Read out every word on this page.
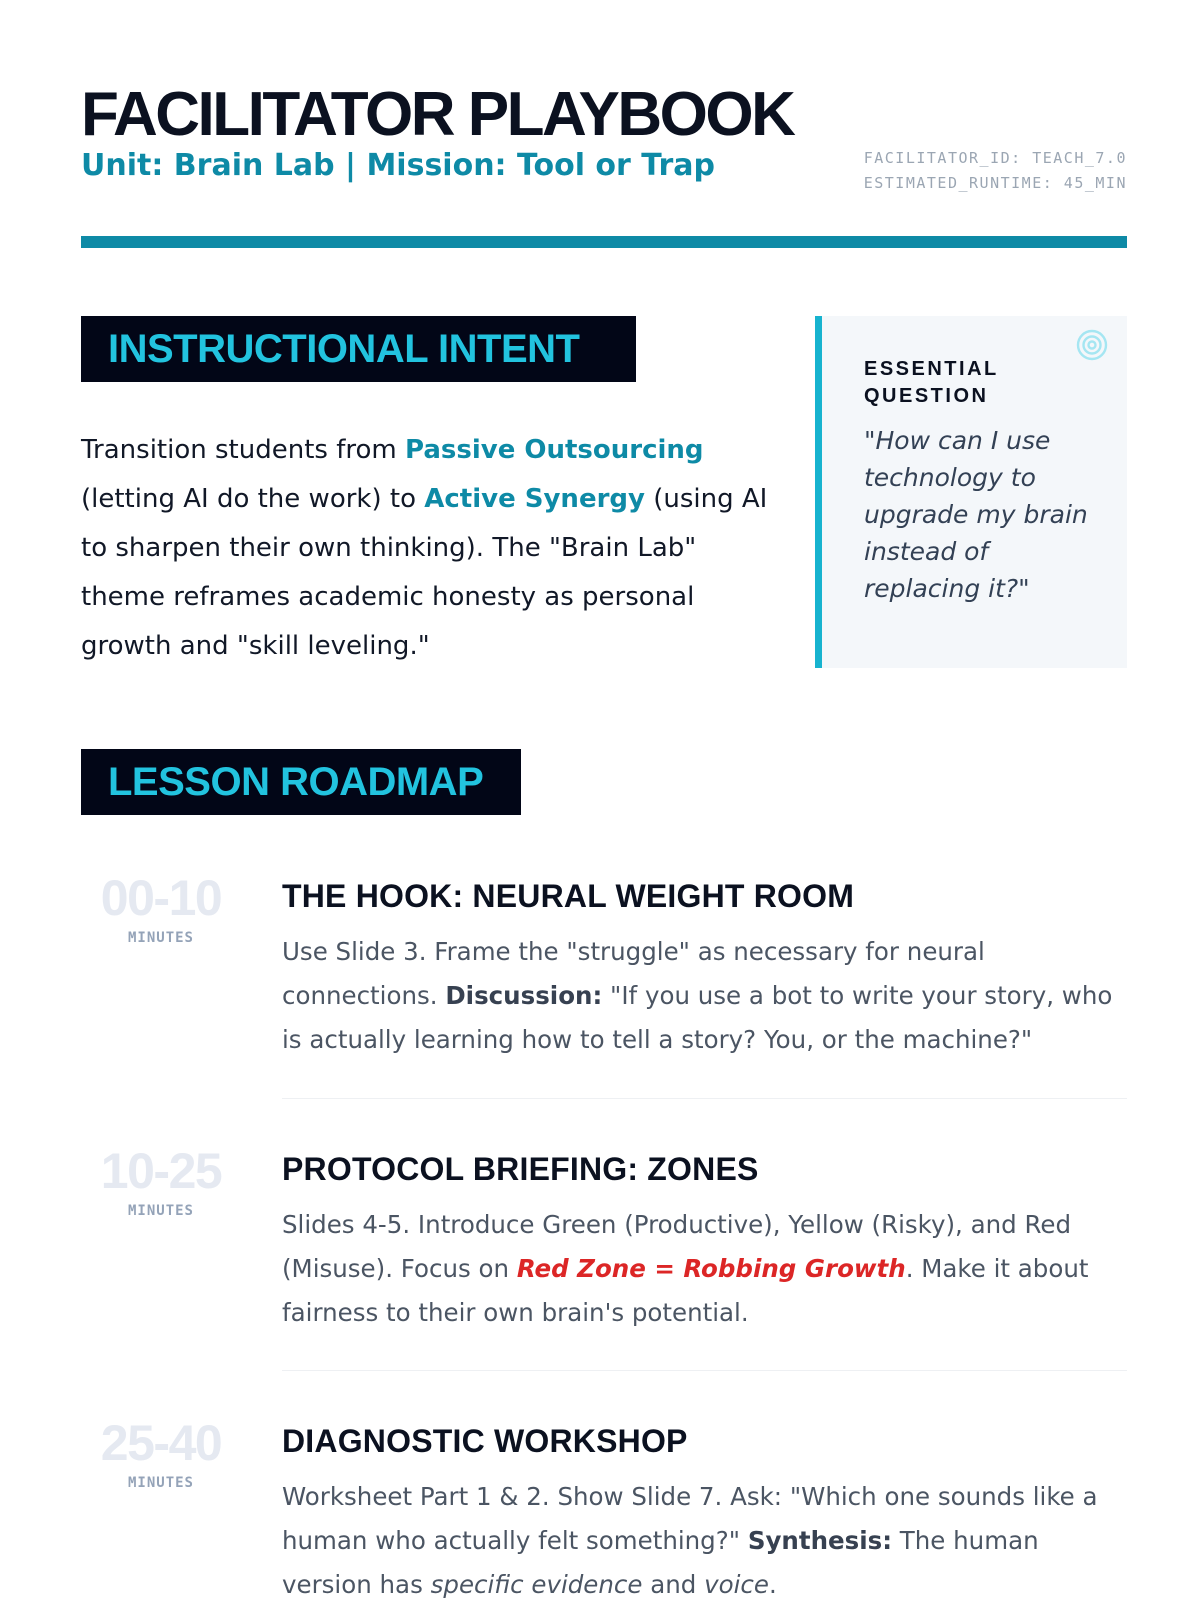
FACILITATOR PLAYBOOK
Unit: Brain Lab | Mission: Tool or Trap	FACILITATOR_ID: TEACH_7.0
ESTIMATED_RUNTIME: 45_MIN
INSTRUCTIONAL INTENT

Transition students from Passive Outsourcing (letting AI do the work) to Active Synergy (using AI to sharpen their own thinking). The "Brain Lab" theme reframes academic honesty as personal growth and "skill leveling."

ESSENTIAL
QUESTION
"How can I use technology to upgrade my brain instead of replacing it?"
LESSON ROADMAP
00-10
MINUTES
THE HOOK: NEURAL WEIGHT ROOM

Use Slide 3. Frame the "struggle" as necessary for neural connections. Discussion: "If you use a bot to write your story, who is actually learning how to tell a story? You, or the machine?"

10-25
MINUTES
PROTOCOL BRIEFING: ZONES

Slides 4-5. Introduce Green (Productive), Yellow (Risky), and Red (Misuse). Focus on Red Zone = Robbing Growth. Make it about fairness to their own brain's potential.

25-40
MINUTES
DIAGNOSTIC WORKSHOP

Worksheet Part 1 & 2. Show Slide 7. Ask: "Which one sounds like a human who actually felt something?" Synthesis: The human version has specific evidence and voice.
